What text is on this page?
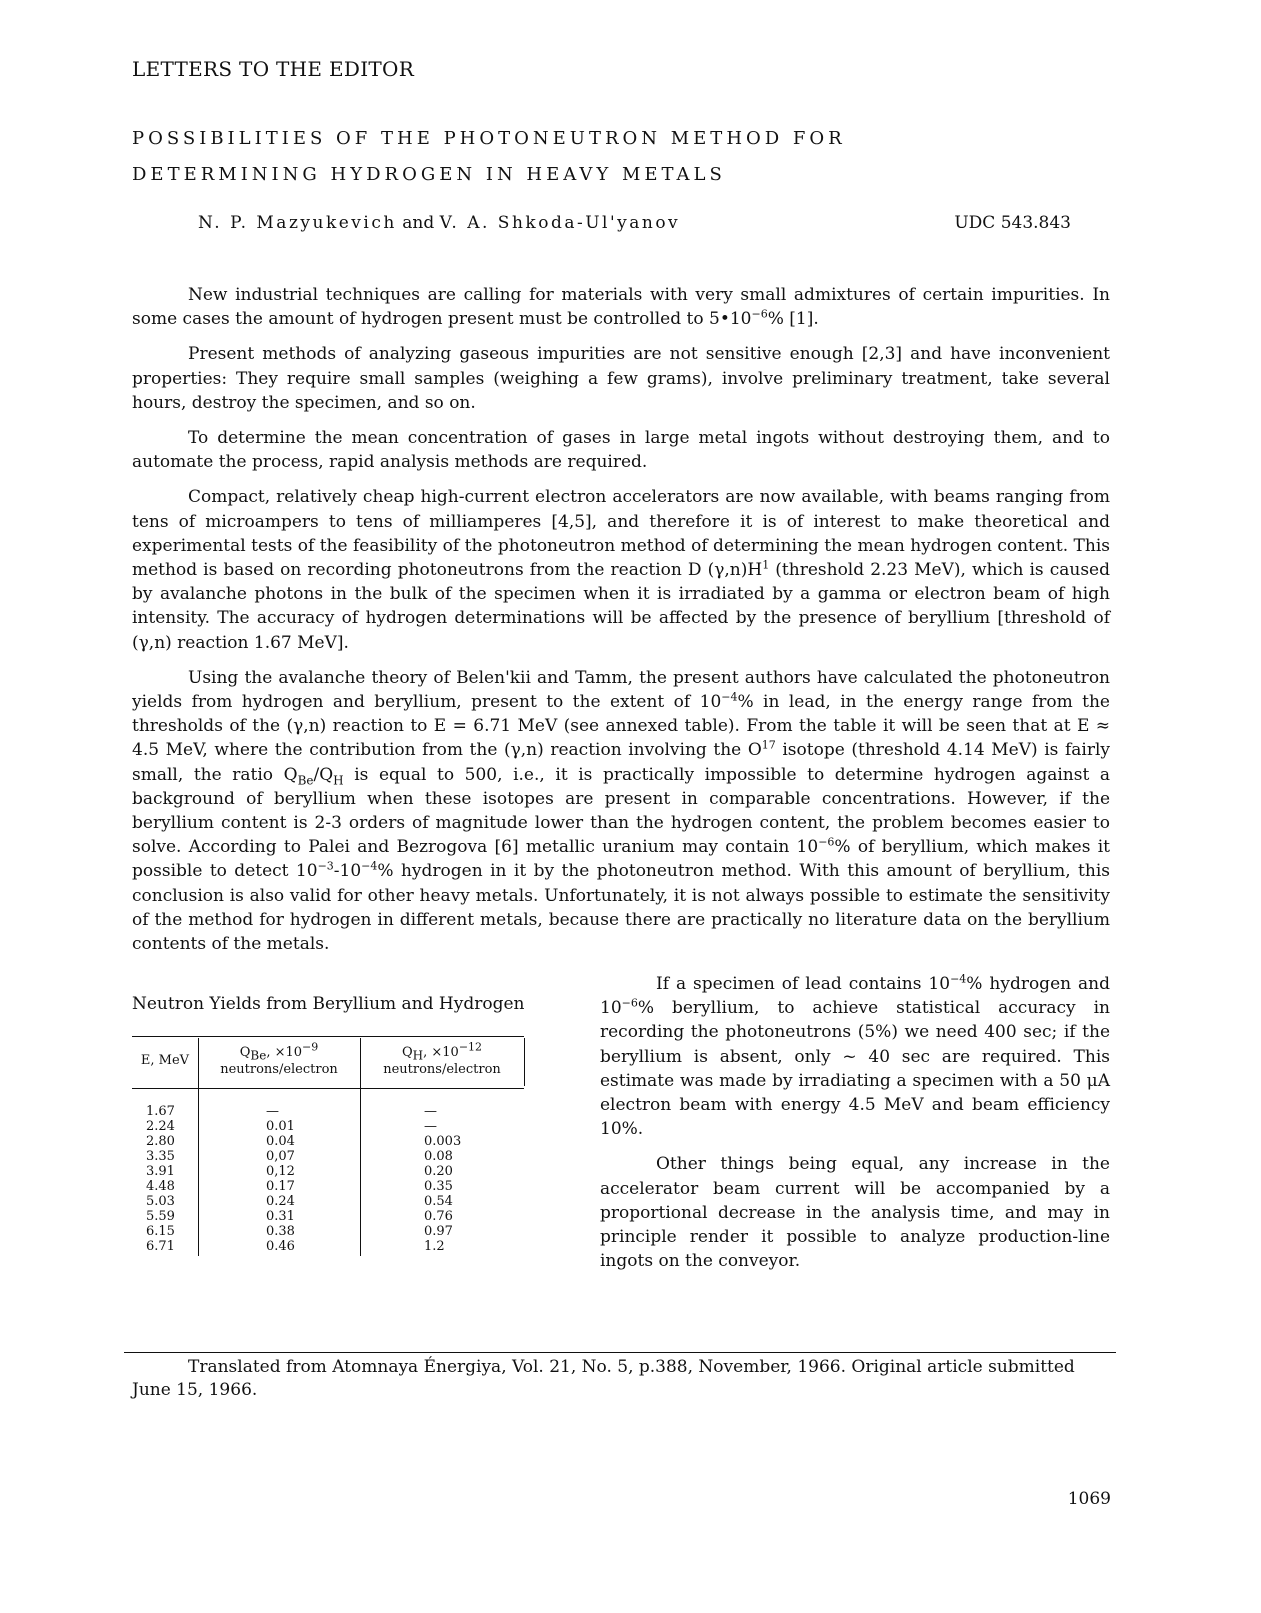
LETTERS TO THE EDITOR
POSSIBILITIES OF THE PHOTONEUTRON METHOD FOR
DETERMINING HYDROGEN IN HEAVY METALS
N. P. Mazyukevich and V. A. Shkoda-Ul'yanov	UDC 543.843

New industrial techniques are calling for materials with very small admixtures of certain impurities. In some cases the amount of hydrogen present must be controlled to $5•10^{-6}\%$ [1].

Present methods of analyzing gaseous impurities are not sensitive enough [2,3] and have inconvenient properties: They require small samples (weighing a few grams), involve preliminary treatment, take several hours, destroy the specimen, and so on.

To determine the mean concentration of gases in large metal ingots without destroying them, and to automate the process, rapid analysis methods are required.

Compact, relatively cheap high-current electron accelerators are now available, with beams ranging from tens of microampers to tens of milliamperes [4,5], and therefore it is of interest to make theoretical and experimental tests of the feasibility of the photoneutron method of determining the mean hydrogen content. This method is based on recording photoneutrons from the reaction D $(\gamma,n)H^1$ (threshold 2.23 MeV), which is caused by avalanche photons in the bulk of the specimen when it is irradiated by a gamma or electron beam of high intensity. The accuracy of hydrogen determinations will be affected by the presence of beryllium [threshold of (γ,n) reaction 1.67 MeV].

Using the avalanche theory of Belen'kii and Tamm, the present authors have calculated the photoneutron yields from hydrogen and beryllium, present to the extent of $10^{-4}\%$ in lead, in the energy range from the thresholds of the (γ,n) reaction to E = 6.71 MeV (see annexed table). From the table it will be seen that at E ≈ 4.5 MeV, where the contribution from the (γ,n) reaction involving the $O^{17}$ isotope (threshold 4.14 MeV) is fairly small, the ratio $Q_{Be}/Q_H$ is equal to 500, i.e., it is practically impossible to determine hydrogen against a background of beryllium when these isotopes are present in comparable concentrations. However, if the beryllium content is 2-3 orders of magnitude lower than the hydrogen content, the problem becomes easier to solve. According to Palei and Bezrogova [6] metallic uranium may contain $10^{-6}\%$ of beryllium, which makes it possible to detect $10^{-3}-10^{-4}\%$ hydrogen in it by the photoneutron method. With this amount of beryllium, this conclusion is also valid for other heavy metals. Unfortunately, it is not always possible to estimate the sensitivity of the method for hydrogen in different metals, because there are practically no literature data on the beryllium contents of the metals.

Neutron Yields from Beryllium and Hydrogen
E, MeV
$Q_{Be}$, $\times 10^{-9}$
neutrons/electron
$Q_H$, $\times 10^{-12}$
neutrons/electron
1.67
2.24
2.80
3.35
3.91
4.48
5.03
5.59
6.15
6.71
—
0.01
0.04
0,07
0,12
0.17
0.24
0.31
0.38
0.46
—
—
0.003
0.08
0.20
0.35
0.54
0.76
0.97
1.2

If a specimen of lead contains $10^{-4}\%$ hydrogen and $10^{-6}\%$ beryllium, to achieve statistical accuracy in recording the photoneutrons (5%) we need 400 sec; if the beryllium is absent, only ~ 40 sec are required. This estimate was made by irradiating a specimen with a 50 μA electron beam with energy 4.5 MeV and beam efficiency 10%.

Other things being equal, any increase in the accelerator beam current will be accompanied by a proportional decrease in the analysis time, and may in principle render it possible to analyze production-line ingots on the conveyor.

Translated from Atomnaya Énergiya, Vol. 21, No. 5, p.388, November, 1966. Original article submitted June 15, 1966.
1069
